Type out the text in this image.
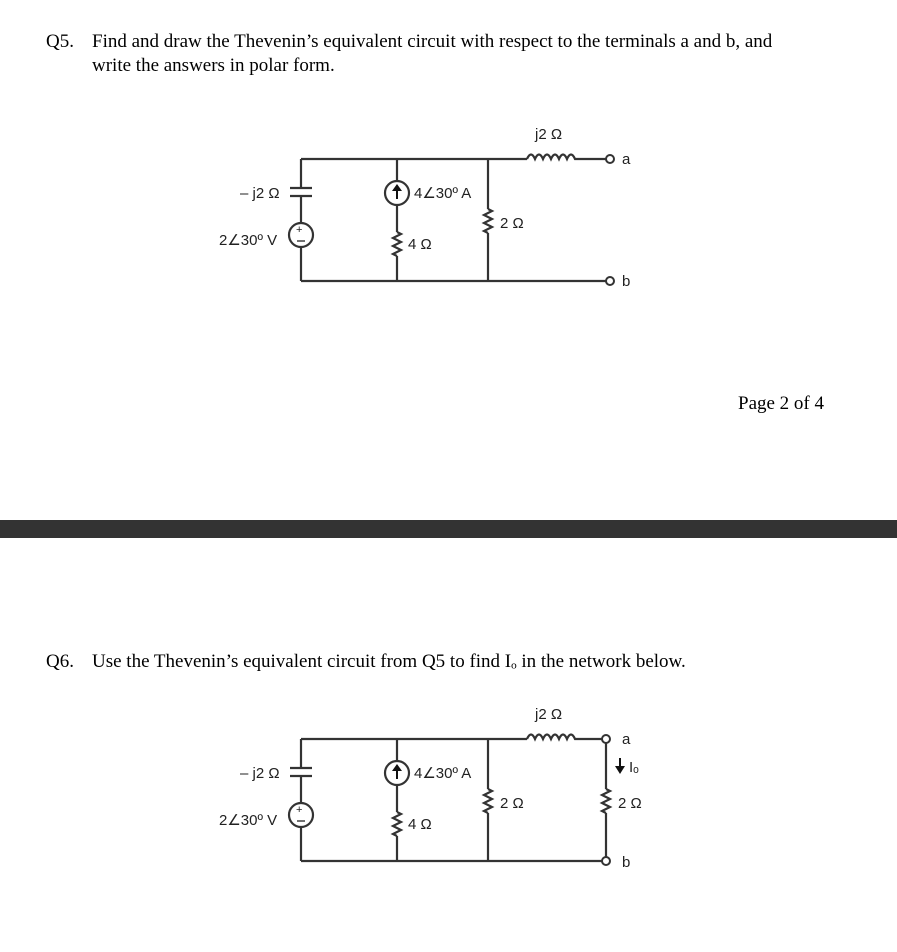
Q5. Find and draw the Thevenin’s equivalent circuit with respect to the terminals a and b, and
write the answers in polar form.
+
j2 Ω
a
b
– j2 Ω
2∠30º V
4∠30º A
4 Ω
2 Ω
Page 2 of 4
Q6. Use the Thevenin’s equivalent circuit from Q5 to find Iₒ in the network below.
+
j2 Ω
a
b
Iₒ
2 Ω
– j2 Ω
2∠30º V
4∠30º A
4 Ω
2 Ω
